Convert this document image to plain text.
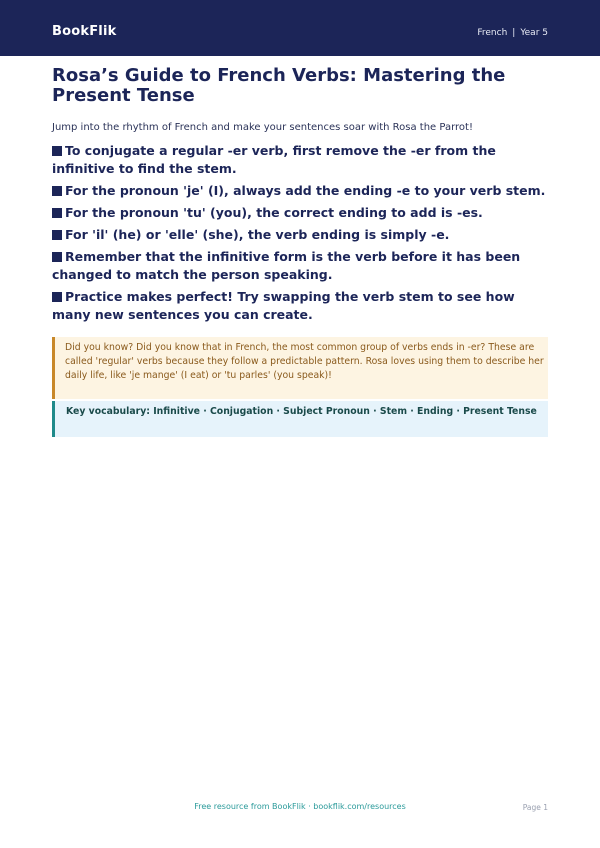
BookFlik	French | Year 5
Rosa’s Guide to French Verbs: Mastering the Present Tense

Jump into the rhythm of French and make your sentences soar with Rosa the Parrot!

To conjugate a regular -er verb, first remove the -er from the infinitive to find the stem.
For the pronoun 'je' (I), always add the ending -e to your verb stem.
For the pronoun 'tu' (you), the correct ending to add is -es.
For 'il' (he) or 'elle' (she), the verb ending is simply -e.
Remember that the infinitive form is the verb before it has been changed to match the person speaking.
Practice makes perfect! Try swapping the verb stem to see how many new sentences you can create.

Did you know? Did you know that in French, the most common group of verbs ends in -er? These are called 'regular' verbs because they follow a predictable pattern. Rosa loves using them to describe her daily life, like 'je mange' (I eat) or 'tu parles' (you speak)!

Key vocabulary: Infinitive · Conjugation · Subject Pronoun · Stem · Ending · Present Tense

Free resource from BookFlik · bookflik.com/resources	Page 1
